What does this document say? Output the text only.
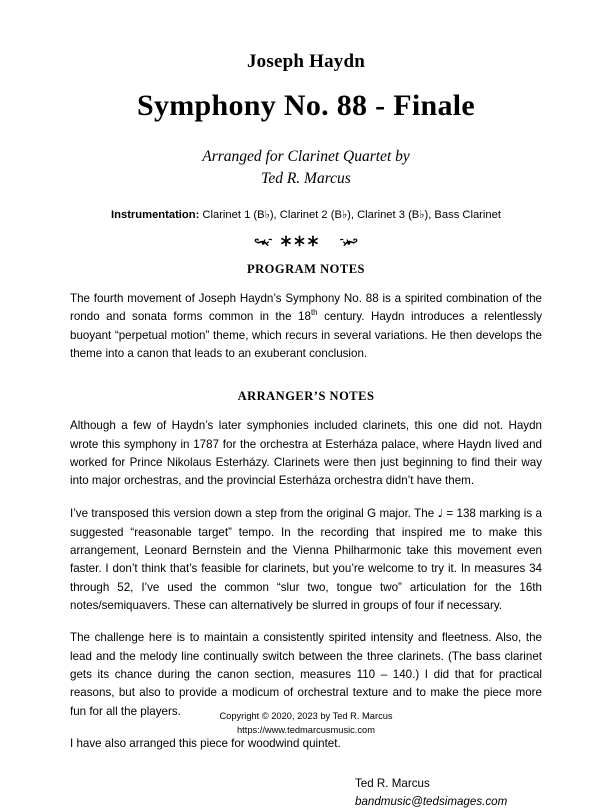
Joseph Haydn
Symphony No. 88 - Finale
Arranged for Clarinet Quartet by
Ted R. Marcus
Instrumentation: Clarinet 1 (B♭), Clarinet 2 (B♭), Clarinet 3 (B♭), Bass Clarinet
PROGRAM NOTES

The fourth movement of Joseph Haydn’s Symphony No. 88 is a spirited combination of the rondo and sonata forms common in the 18th century. Haydn introduces a relentlessly buoyant “perpetual motion” theme, which recurs in several variations. He then develops the theme into a canon that leads to an exuberant conclusion.

ARRANGER’S NOTES

Although a few of Haydn’s later symphonies included clarinets, this one did not. Haydn wrote this symphony in 1787 for the orchestra at Esterháza palace, where Haydn lived and worked for Prince Nikolaus Esterházy. Clarinets were then just beginning to find their way into major orchestras, and the provincial Esterháza orchestra didn’t have them.

I’ve transposed this version down a step from the original G major. The ♩ = 138 marking is a suggested “reasonable target” tempo. In the recording that inspired me to make this arrangement, Leonard Bernstein and the Vienna Philharmonic take this movement even faster. I don’t think that’s feasible for clarinets, but you’re welcome to try it. In measures 34 through 52, I’ve used the common “slur two, tongue two” articulation for the 16th notes/semiquavers. These can alternatively be slurred in groups of four if necessary.

The challenge here is to maintain a consistently spirited intensity and fleetness. Also, the lead and the melody line continually switch between the three clarinets. (The bass clarinet gets its chance during the canon section, measures 110 – 140.) I did that for practical reasons, but also to provide a modicum of orchestral texture and to make the piece more fun for all the players.

I have also arranged this piece for woodwind quintet.

Ted R. Marcus
bandmusic@tedsimages.com
Copyright © 2020, 2023 by Ted R. Marcus
https://www.tedmarcusmusic.com
